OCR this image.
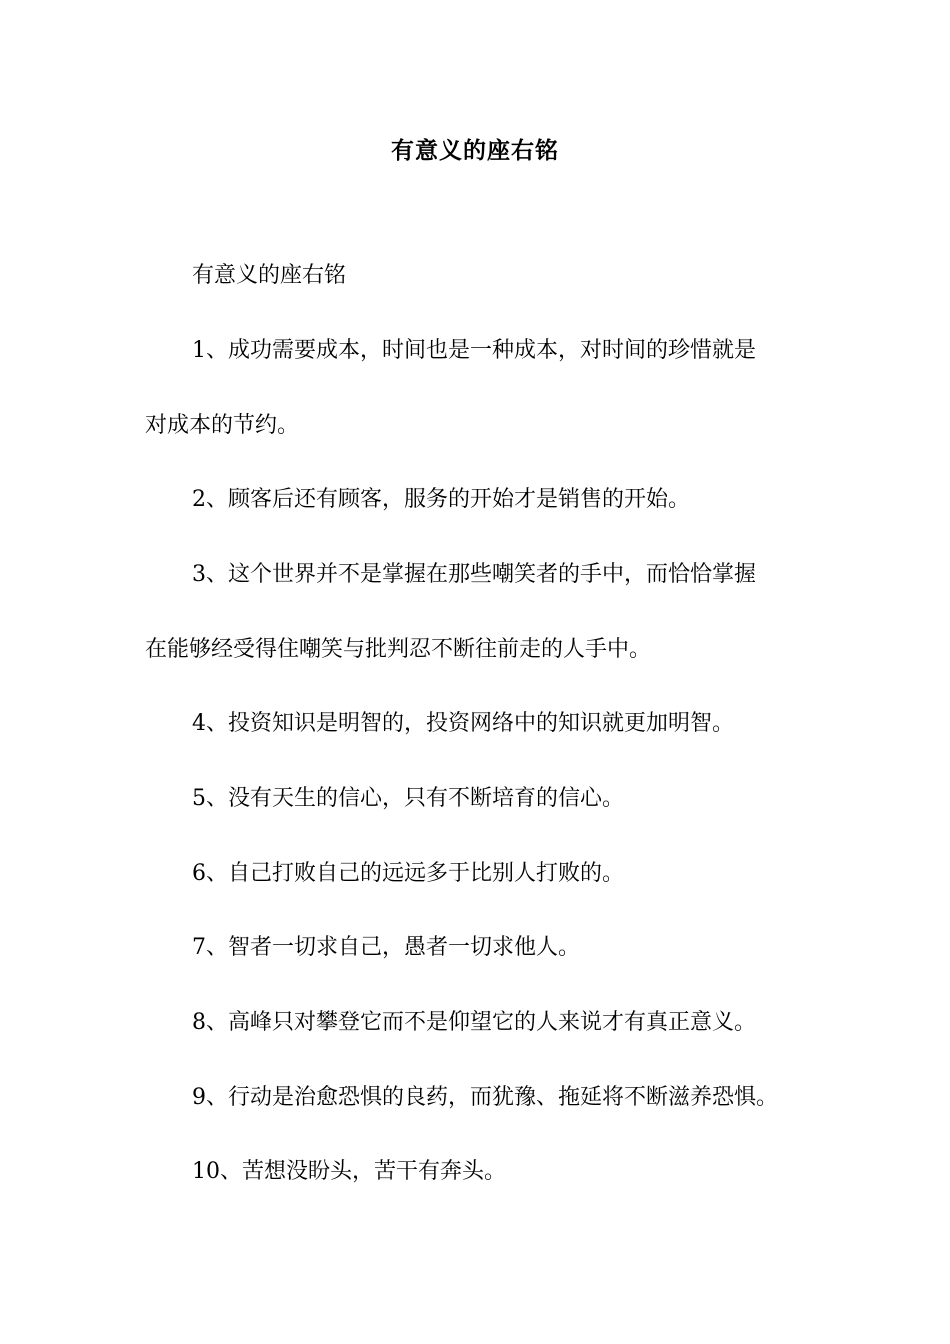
有意义的座右铭
有意义的座右铭
1、成功需要成本，时间也是一种成本，对时间的珍惜就是
对成本的节约。
2、顾客后还有顾客，服务的开始才是销售的开始。
3、这个世界并不是掌握在那些嘲笑者的手中，而恰恰掌握
在能够经受得住嘲笑与批判忍不断往前走的人手中。
4、投资知识是明智的，投资网络中的知识就更加明智。
5、没有天生的信心，只有不断培育的信心。
6、自己打败自己的远远多于比别人打败的。
7、智者一切求自己，愚者一切求他人。
8、高峰只对攀登它而不是仰望它的人来说才有真正意义。
9、行动是治愈恐惧的良药，而犹豫、拖延将不断滋养恐惧。
10、苦想没盼头，苦干有奔头。
